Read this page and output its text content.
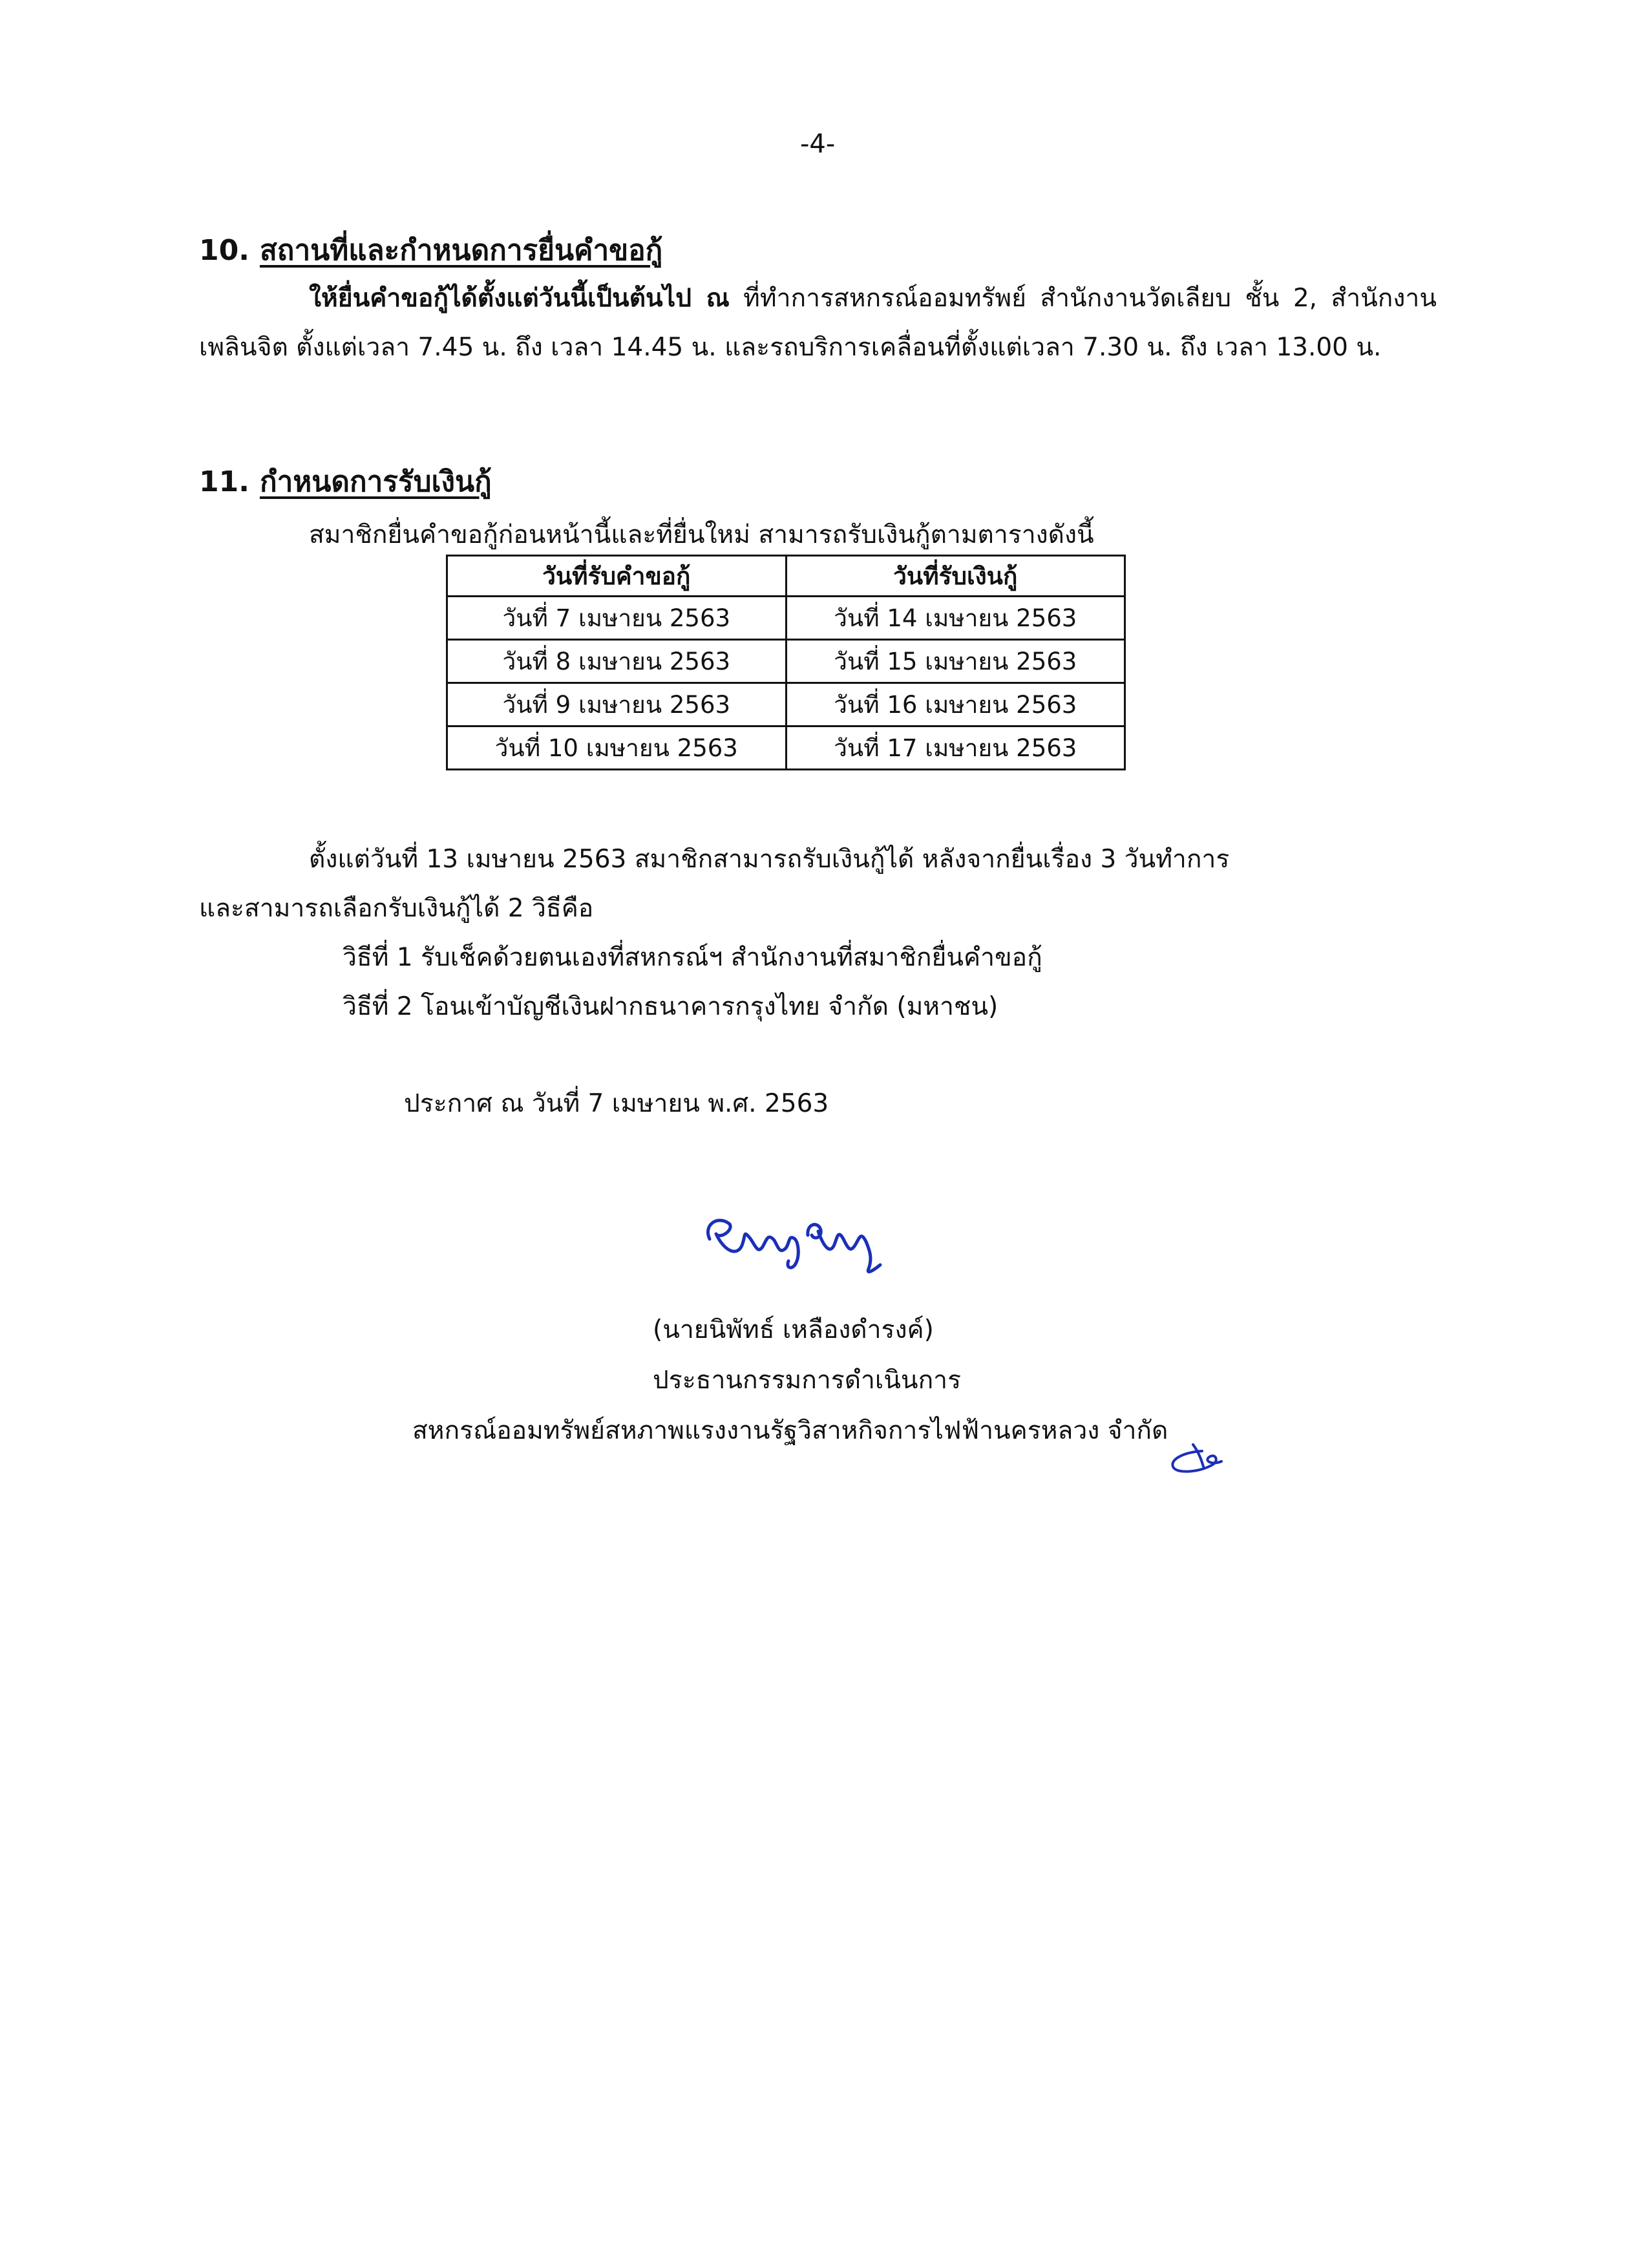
-4-
10. สถานที่และกำหนดการยื่นคำขอกู้
ให้ยื่นคำขอกู้ได้ตั้งแต่วันนี้เป็นต้นไป ณ ที่ทำการสหกรณ์ออมทรัพย์ สำนักงานวัดเลียบ ชั้น 2, สำนักงานเพลินจิต ตั้งแต่เวลา 7.45 น. ถึง เวลา 14.45 น. และรถบริการเคลื่อนที่ตั้งแต่เวลา 7.30 น. ถึง เวลา 13.00 น.
11. กำหนดการรับเงินกู้
สมาชิกยื่นคำขอกู้ก่อนหน้านี้และที่ยื่นใหม่ สามารถรับเงินกู้ตามตารางดังนี้
วันที่รับคำขอกู้	วันที่รับเงินกู้
วันที่ 7 เมษายน 2563	วันที่ 14 เมษายน 2563
วันที่ 8 เมษายน 2563	วันที่ 15 เมษายน 2563
วันที่ 9 เมษายน 2563	วันที่ 16 เมษายน 2563
วันที่ 10 เมษายน 2563	วันที่ 17 เมษายน 2563
ตั้งแต่วันที่ 13 เมษายน 2563 สมาชิกสามารถรับเงินกู้ได้ หลังจากยื่นเรื่อง 3 วันทำการ
และสามารถเลือกรับเงินกู้ได้ 2 วิธีคือ
วิธีที่ 1 รับเช็คด้วยตนเองที่สหกรณ์ฯ สำนักงานที่สมาชิกยื่นคำขอกู้
วิธีที่ 2 โอนเข้าบัญชีเงินฝากธนาคารกรุงไทย จำกัด (มหาชน)
ประกาศ ณ วันที่ 7 เมษายน พ.ศ. 2563
(นายนิพัทธ์ เหลืองดำรงค์)
ประธานกรรมการดำเนินการ
สหกรณ์ออมทรัพย์สหภาพแรงงานรัฐวิสาหกิจการไฟฟ้านครหลวง จำกัด
